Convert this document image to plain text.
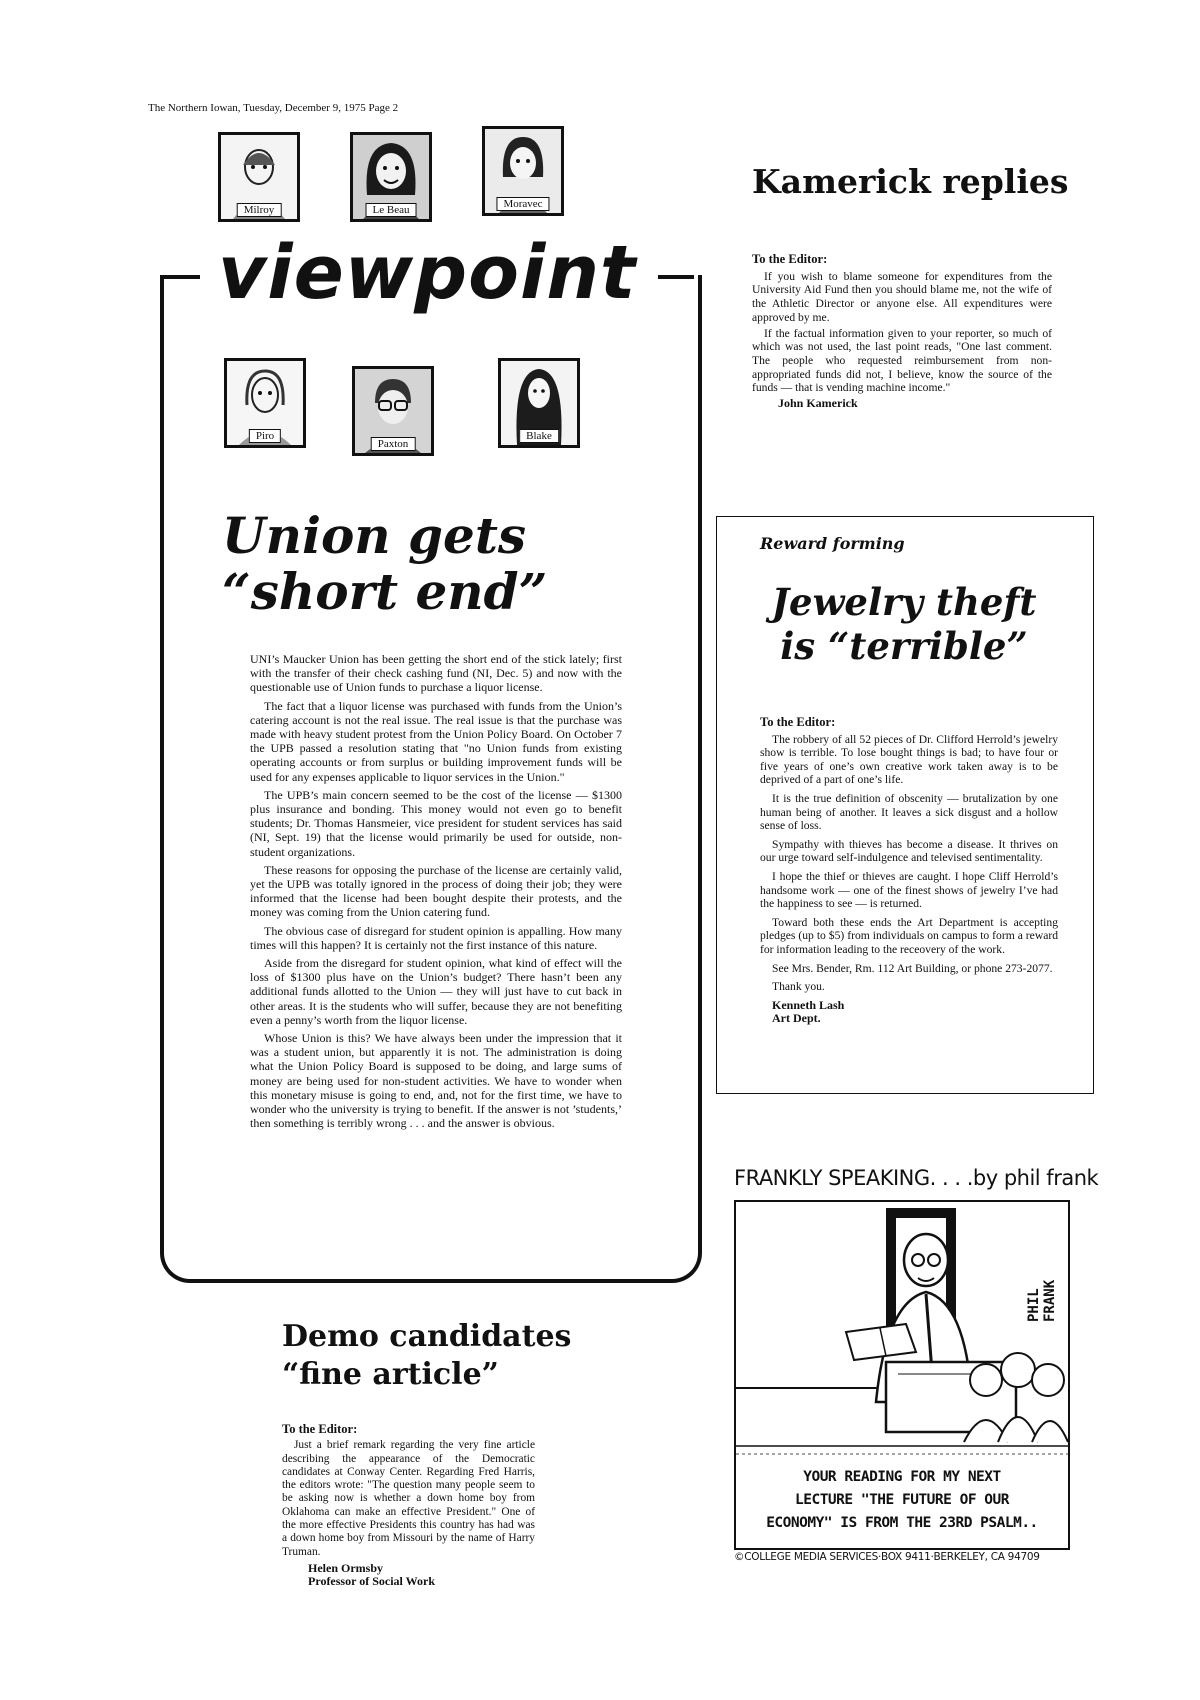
The Northern Iowan, Tuesday, December 9, 1975 Page 2
Milroy	Le Beau	Moravec
viewpoint
Piro
Paxton
Blake
Union gets
“short end”

UNI’s Maucker Union has been getting the short end of the stick lately; first with the transfer of their check cashing fund (NI, Dec. 5) and now with the questionable use of Union funds to purchase a liquor license.

The fact that a liquor license was purchased with funds from the Union’s catering account is not the real issue. The real issue is that the purchase was made with heavy student protest from the Union Policy Board. On October 7 the UPB passed a resolution stating that "no Union funds from existing operating accounts or from surplus or building improvement funds will be used for any expenses applicable to liquor services in the Union."

The UPB’s main concern seemed to be the cost of the license — $1300 plus insurance and bonding. This money would not even go to benefit students; Dr. Thomas Hansmeier, vice president for student services has said (NI, Sept. 19) that the license would primarily be used for outside, non-student organizations.

These reasons for opposing the purchase of the license are certainly valid, yet the UPB was totally ignored in the process of doing their job; they were informed that the license had been bought despite their protests, and the money was coming from the Union catering fund.

The obvious case of disregard for student opinion is appalling. How many times will this happen? It is certainly not the first instance of this nature.

Aside from the disregard for student opinion, what kind of effect will the loss of $1300 plus have on the Union’s budget? There hasn’t been any additional funds allotted to the Union — they will just have to cut back in other areas. It is the students who will suffer, because they are not benefiting even a penny’s worth from the liquor license.

Whose Union is this? We have always been under the impression that it was a student union, but apparently it is not. The administration is doing what the Union Policy Board is supposed to be doing, and large sums of money are being used for non-student activities. We have to wonder when this monetary misuse is going to end, and, not for the first time, we have to wonder who the university is trying to benefit. If the answer is not ’students,’ then something is terribly wrong . . . and the answer is obvious.

Kamerick replies
To the Editor:

If you wish to blame someone for expenditures from the University Aid Fund then you should blame me, not the wife of the Athletic Director or anyone else. All expenditures were approved by me.

If the factual information given to your reporter, so much of which was not used, the last point reads, "One last comment. The people who requested reimbursement from non-appropriated funds did not, I believe, know the source of the funds — that is vending machine income."

John Kamerick
Reward forming
Jewelry theft
is “terrible”
To the Editor:

The robbery of all 52 pieces of Dr. Clifford Herrold’s jewelry show is terrible. To lose bought things is bad; to have four or five years of one’s own creative work taken away is to be deprived of a part of one’s life.

It is the true definition of obscenity — brutalization by one human being of another. It leaves a sick disgust and a hollow sense of loss.

Sympathy with thieves has become a disease. It thrives on our urge toward self-indulgence and televised sentimentality.

I hope the thief or thieves are caught. I hope Cliff Herrold’s handsome work — one of the finest shows of jewelry I’ve had the happiness to see — is returned.

Toward both these ends the Art Department is accepting pledges (up to $5) from individuals on campus to form a reward for information leading to the receovery of the work.

See Mrs. Bender, Rm. 112 Art Building, or phone 273-2077.

Thank you.

Kenneth Lash
Art Dept.
Demo candidates
“fine article”
To the Editor:

Just a brief remark regarding the very fine article describing the appearance of the Democratic candidates at Conway Center. Regarding Fred Harris, the editors wrote: "The question many people seem to be asking now is whether a down home boy from Oklahoma can make an effective President." One of the more effective Presidents this country has had was a down home boy from Missouri by the name of Harry Truman.

Helen Ormsby
Professor of Social Work
FRANKLY SPEAKING. . . .by phil frank
YOUR READING FOR MY NEXT
LECTURE "THE FUTURE OF OUR
ECONOMY" IS FROM THE 23RD PSALM..
PHIL FRANK
©COLLEGE MEDIA SERVICES·BOX 9411·BERKELEY, CA 94709
